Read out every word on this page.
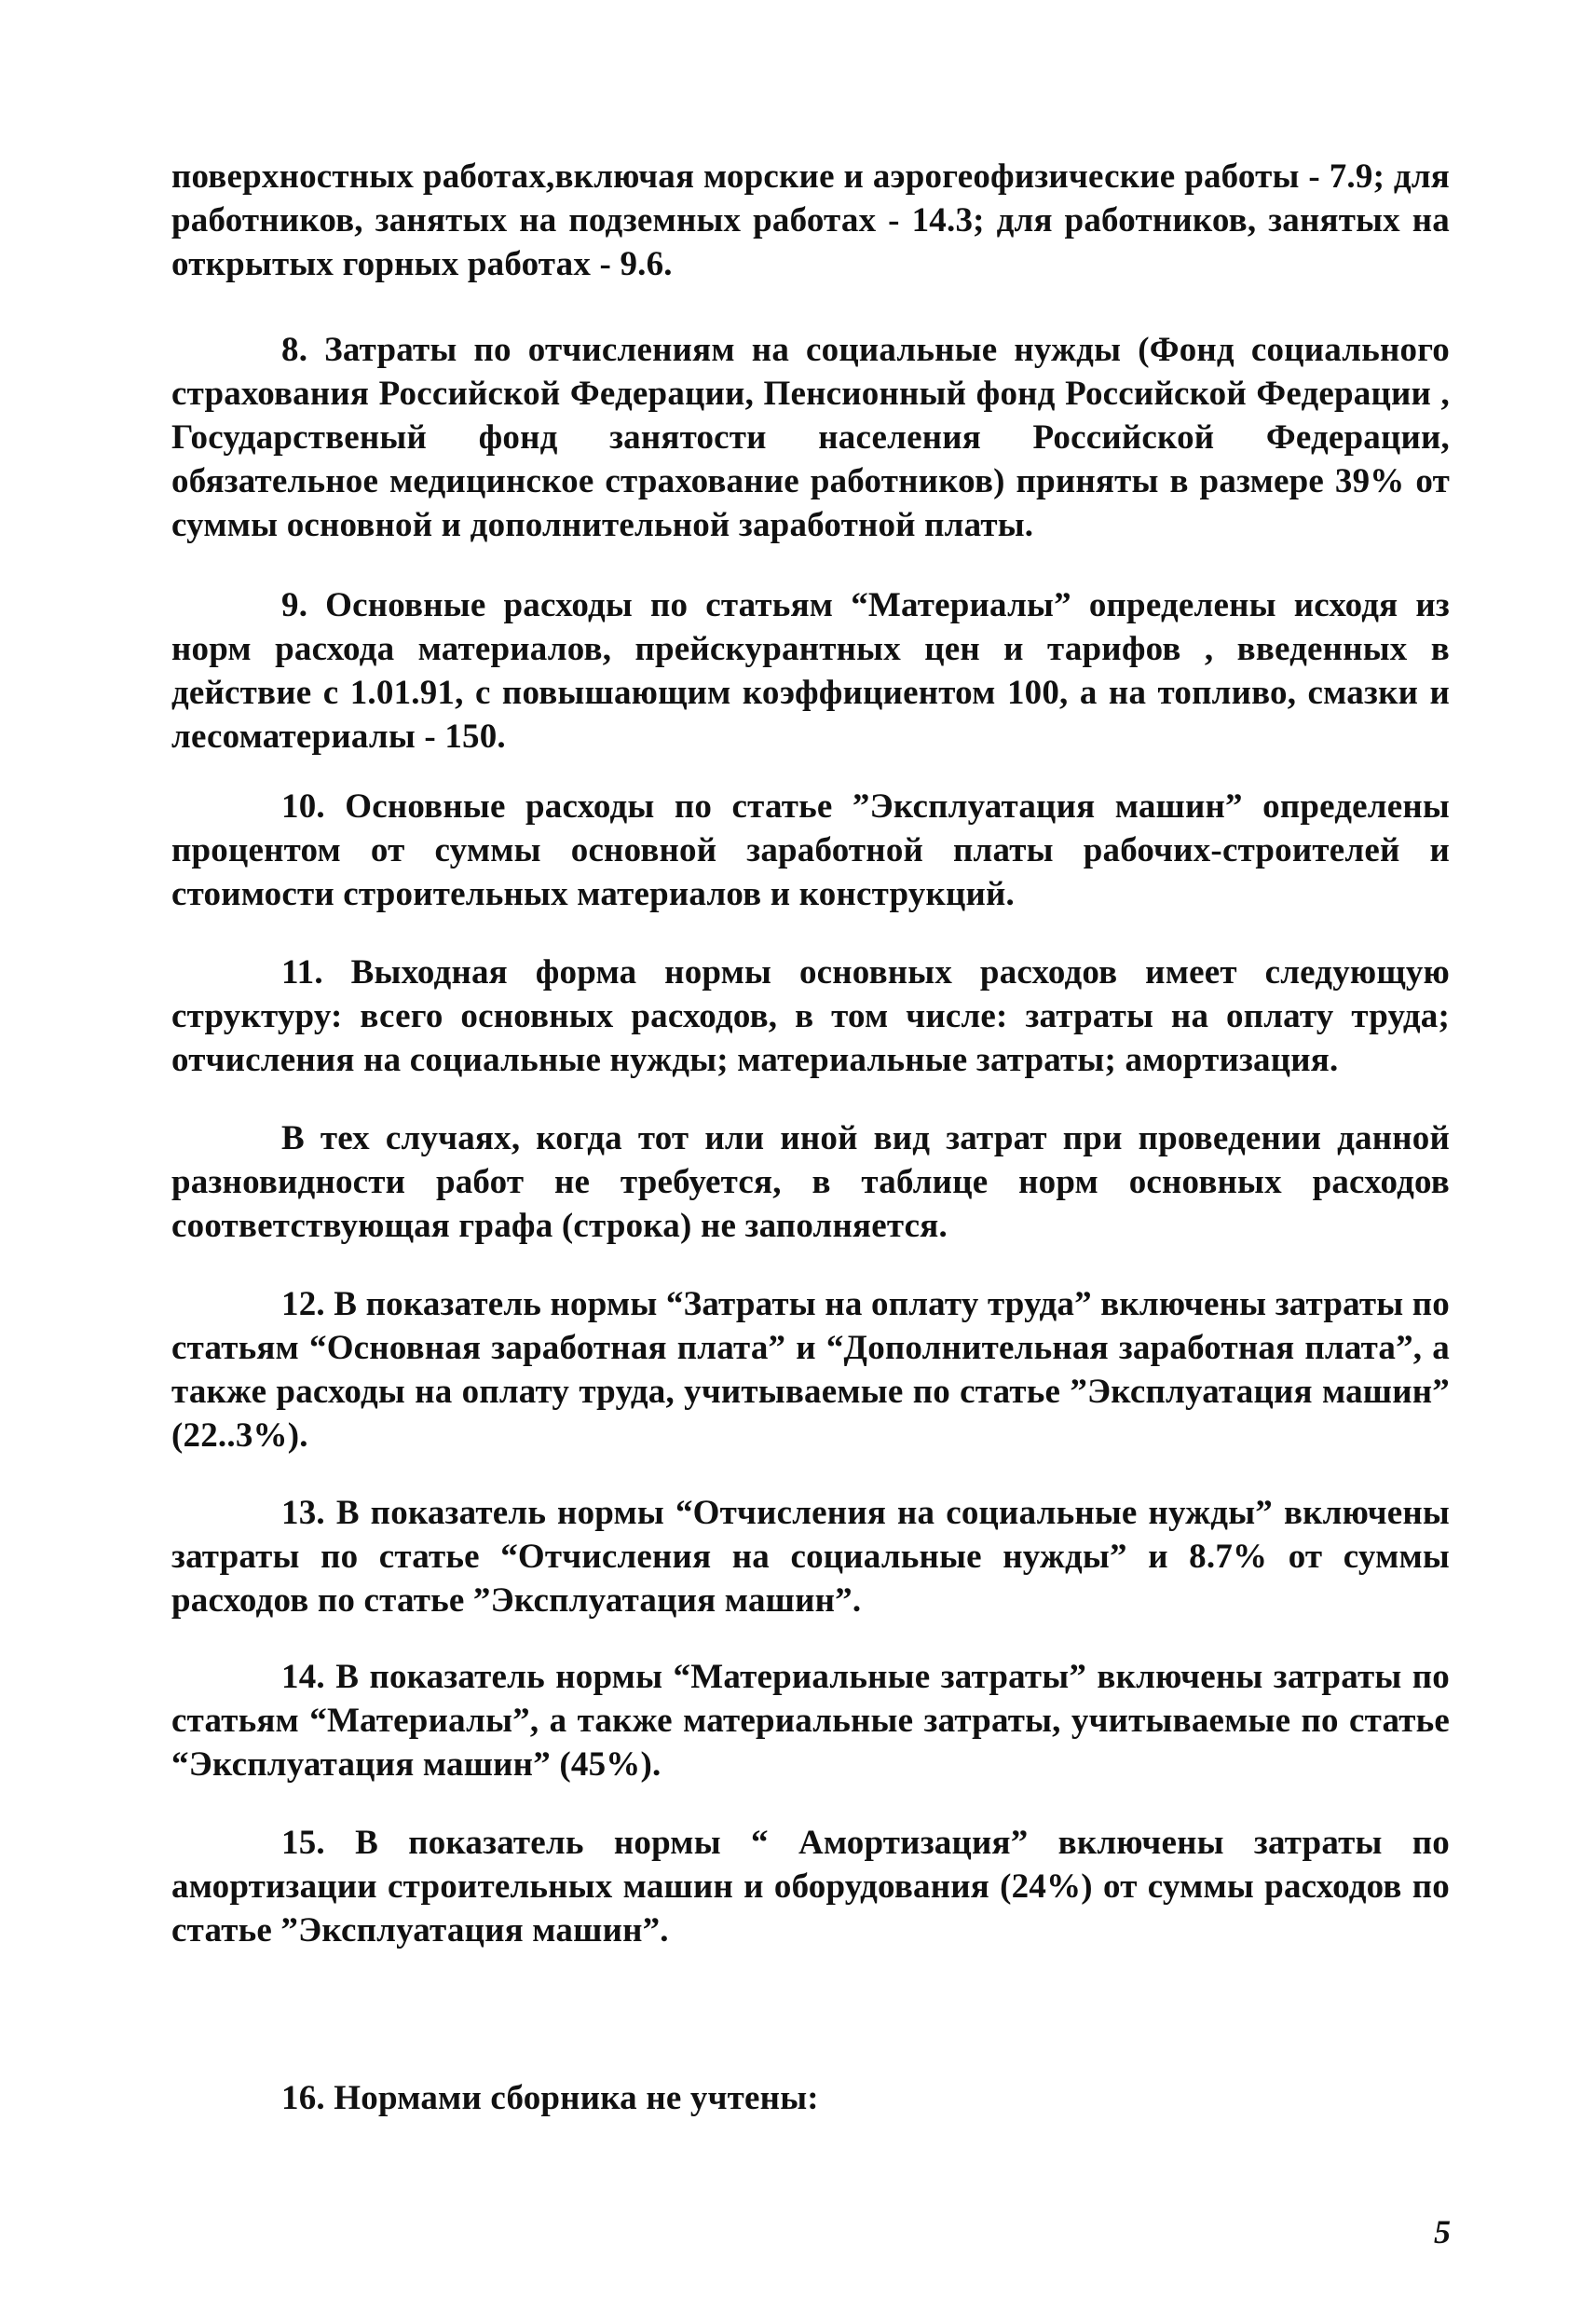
поверхностных работах,включая морские и аэрогеофизические работы - 7.9; для работников, занятых на подземных работах - 14.3; для работников, занятых на открытых горных работах - 9.6.

8. Затраты по отчислениям на социальные нужды (Фонд социального страхования Российской Федерации, Пенсионный фонд Российской Федерации , Государственый фонд занятости населения Российской Федерации, обязательное медицинское страхование работников) приняты в размере 39% от суммы основной и дополнительной заработной платы.

9. Основные расходы по статьям “Материалы” определены исходя из норм расхода материалов, прейскурантных цен и тарифов , введенных в действие с 1.01.91, с повышающим коэффициентом 100, а на топливо, смазки и лесоматериалы - 150.

10. Основные расходы по статье ”Эксплуатация машин” определены процентом от суммы основной заработной платы рабочих-строителей и стоимости строительных материалов и конструкций.

11. Выходная форма нормы основных расходов имеет следующую структуру: всего основных расходов, в том числе: затраты на оплату труда; отчисления на социальные нужды; материальные затраты; амортизация.

В тех случаях, когда тот или иной вид затрат при проведении данной разновидности работ не требуется, в таблице норм основных расходов соответствующая графа (строка) не заполняется.

12. В показатель нормы “Затраты на оплату труда” включены затраты по статьям “Основная заработная плата” и “Дополнительная заработная плата”, а также расходы на оплату труда, учитываемые по статье ”Эксплуатация машин” (22..3%).

13. В показатель нормы “Отчисления на социальные нужды” включены затраты по статье “Отчисления на социальные нужды” и 8.7% от суммы расходов по статье ”Эксплуатация машин”.

14. В показатель нормы “Материальные затраты” включены затраты по статьям “Материалы”, а также материальные затраты, учитываемые по статье “Эксплуатация машин” (45%).

15. В показатель нормы “ Амортизация” включены затраты по амортизации строительных машин и оборудования (24%) от суммы расходов по статье ”Эксплуатация машин”.

16. Нормами сборника не учтены:

5
